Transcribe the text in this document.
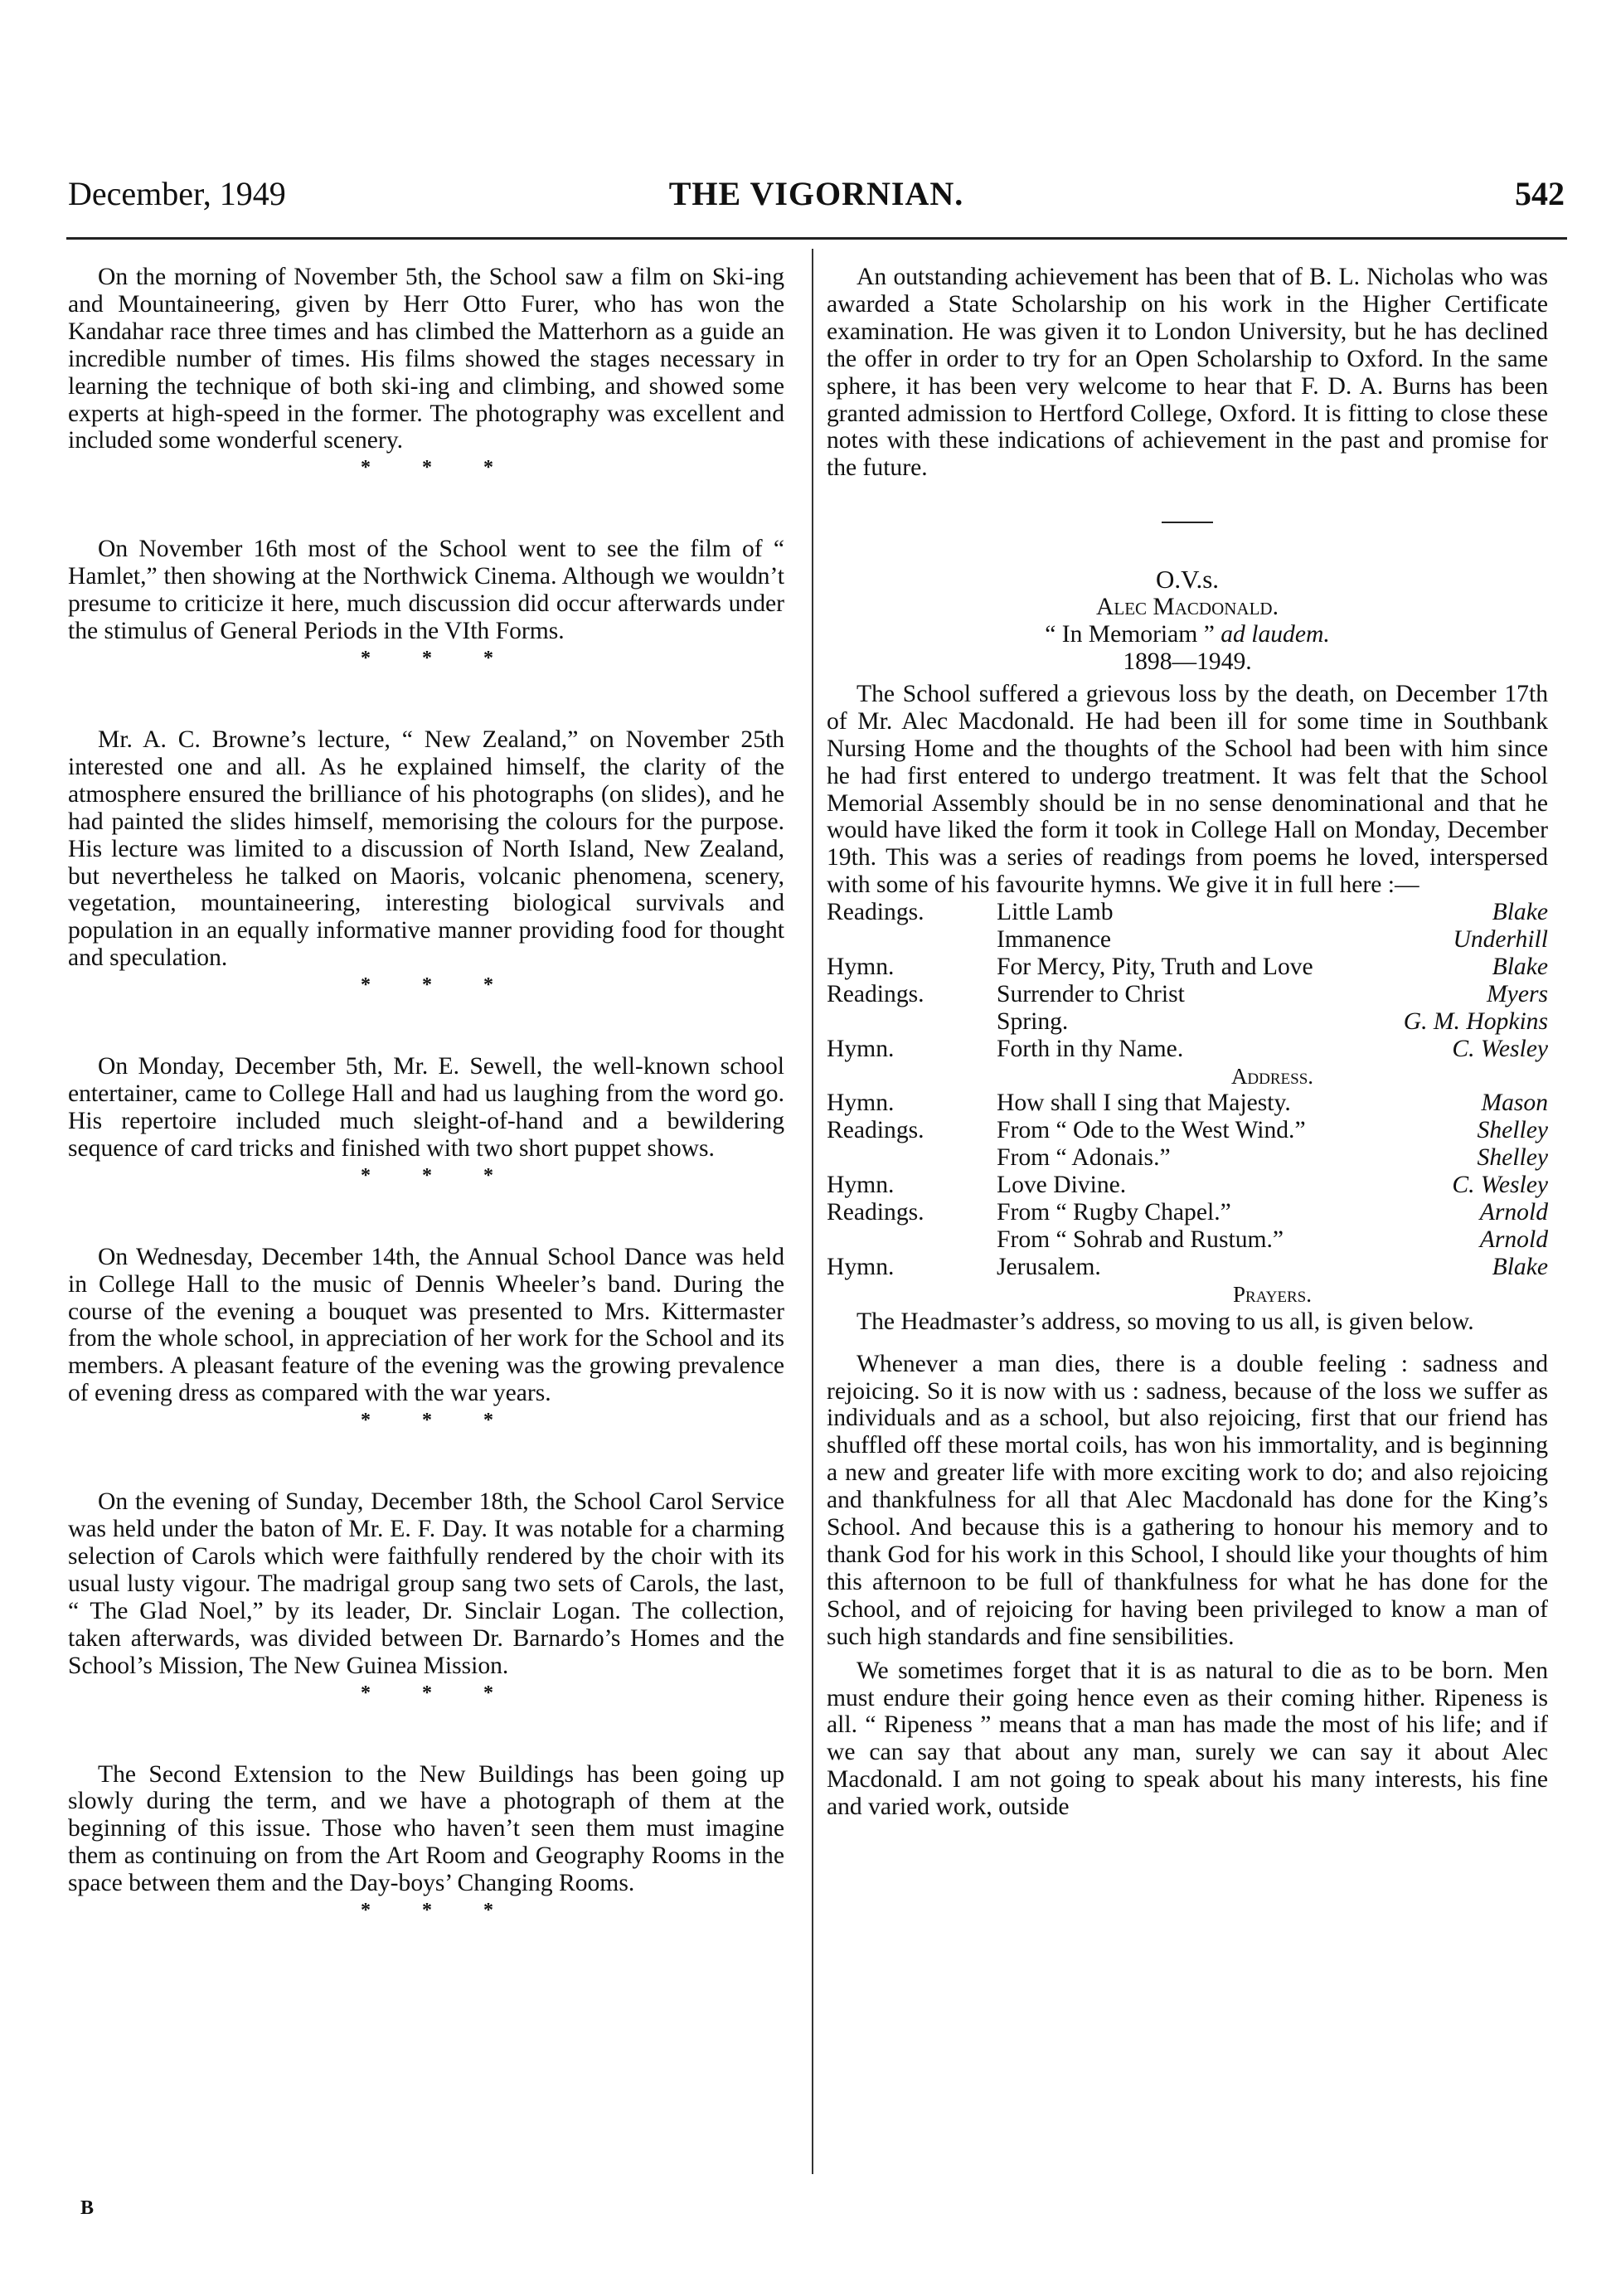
December, 1949	THE VIGORNIAN.	542

On the morning of November 5th, the School saw a film on Ski-ing and Mountaineering, given by Herr Otto Furer, who has won the Kandahar race three times and has climbed the Matterhorn as a guide an incredible number of times. His films showed the stages necessary in learning the technique of both ski-ing and climbing, and showed some experts at high-speed in the former. The photography was excellent and included some wonderful scenery.

* * *

On November 16th most of the School went to see the film of “ Hamlet,” then showing at the Northwick Cinema. Although we wouldn’t presume to criticize it here, much discussion did occur afterwards under the stimulus of General Periods in the VIth Forms.

* * *

Mr. A. C. Browne’s lecture, “ New Zealand,” on November 25th interested one and all. As he explained himself, the clarity of the atmosphere ensured the brilliance of his photographs (on slides), and he had painted the slides himself, memorising the colours for the purpose. His lecture was limited to a discussion of North Island, New Zealand, but nevertheless he talked on Maoris, volcanic phenomena, scenery, vegetation, mountaineering, interesting biological survivals and population in an equally informative manner providing food for thought and speculation.

* * *

On Monday, December 5th, Mr. E. Sewell, the well-known school entertainer, came to College Hall and had us laughing from the word go. His repertoire included much sleight-of-hand and a bewildering sequence of card tricks and finished with two short puppet shows.

* * *

On Wednesday, December 14th, the Annual School Dance was held in College Hall to the music of Dennis Wheeler’s band. During the course of the evening a bouquet was presented to Mrs. Kittermaster from the whole school, in appreciation of her work for the School and its members. A pleasant feature of the evening was the growing prevalence of evening dress as compared with the war years.

* * *

On the evening of Sunday, December 18th, the School Carol Service was held under the baton of Mr. E. F. Day. It was notable for a charming selection of Carols which were faithfully rendered by the choir with its usual lusty vigour. The madrigal group sang two sets of Carols, the last, “ The Glad Noel,” by its leader, Dr. Sinclair Logan. The collection, taken afterwards, was divided between Dr. Barnardo’s Homes and the School’s Mission, The New Guinea Mission.

* * *

The Second Extension to the New Buildings has been going up slowly during the term, and we have a photograph of them at the beginning of this issue. Those who haven’t seen them must imagine them as continuing on from the Art Room and Geography Rooms in the space between them and the Day-boys’ Changing Rooms.

* * *
B

An outstanding achievement has been that of B. L. Nicholas who was awarded a State Scholarship on his work in the Higher Certificate examination. He was given it to London University, but he has declined the offer in order to try for an Open Scholarship to Oxford. In the same sphere, it has been very welcome to hear that F. D. A. Burns has been granted admission to Hertford College, Oxford. It is fitting to close these notes with these indications of achievement in the past and promise for the future.

O.V.s.

Alec Macdonald.

“ In Memoriam ” ad laudem.

1898—1949.

The School suffered a grievous loss by the death, on December 17th of Mr. Alec Macdonald. He had been ill for some time in Southbank Nursing Home and the thoughts of the School had been with him since he had first entered to undergo treatment. It was felt that the School Memorial Assembly should be in no sense denominational and that he would have liked the form it took in College Hall on Monday, December 19th. This was a series of readings from poems he loved, interspersed with some of his favourite hymns. We give it in full here :—

Readings.	Little Lamb	Blake
	Immanence	Underhill
Hymn.	For Mercy, Pity, Truth and Love	Blake
Readings.	Surrender to Christ	Myers
	Spring.	G. M. Hopkins
Hymn.	Forth in thy Name.	C. Wesley
	Address.	
Hymn.	How shall I sing that Majesty.	Mason
Readings.	From “ Ode to the West Wind.”	Shelley
	From “ Adonais.”	Shelley
Hymn.	Love Divine.	C. Wesley
Readings.	From “ Rugby Chapel.”	Arnold
	From “ Sohrab and Rustum.”	Arnold
Hymn.	Jerusalem.	Blake
	Prayers.	

The Headmaster’s address, so moving to us all, is given below.

Whenever a man dies, there is a double feeling : sadness and rejoicing. So it is now with us : sadness, because of the loss we suffer as individuals and as a school, but also rejoicing, first that our friend has shuffled off these mortal coils, has won his immortality, and is beginning a new and greater life with more exciting work to do; and also rejoicing and thankfulness for all that Alec Macdonald has done for the King’s School. And because this is a gathering to honour his memory and to thank God for his work in this School, I should like your thoughts of him this afternoon to be full of thankfulness for what he has done for the School, and of rejoicing for having been privileged to know a man of such high standards and fine sensibilities.

We sometimes forget that it is as natural to die as to be born. Men must endure their going hence even as their coming hither. Ripeness is all. “ Ripeness ” means that a man has made the most of his life; and if we can say that about any man, surely we can say it about Alec Macdonald. I am not going to speak about his many interests, his fine and varied work, outside
